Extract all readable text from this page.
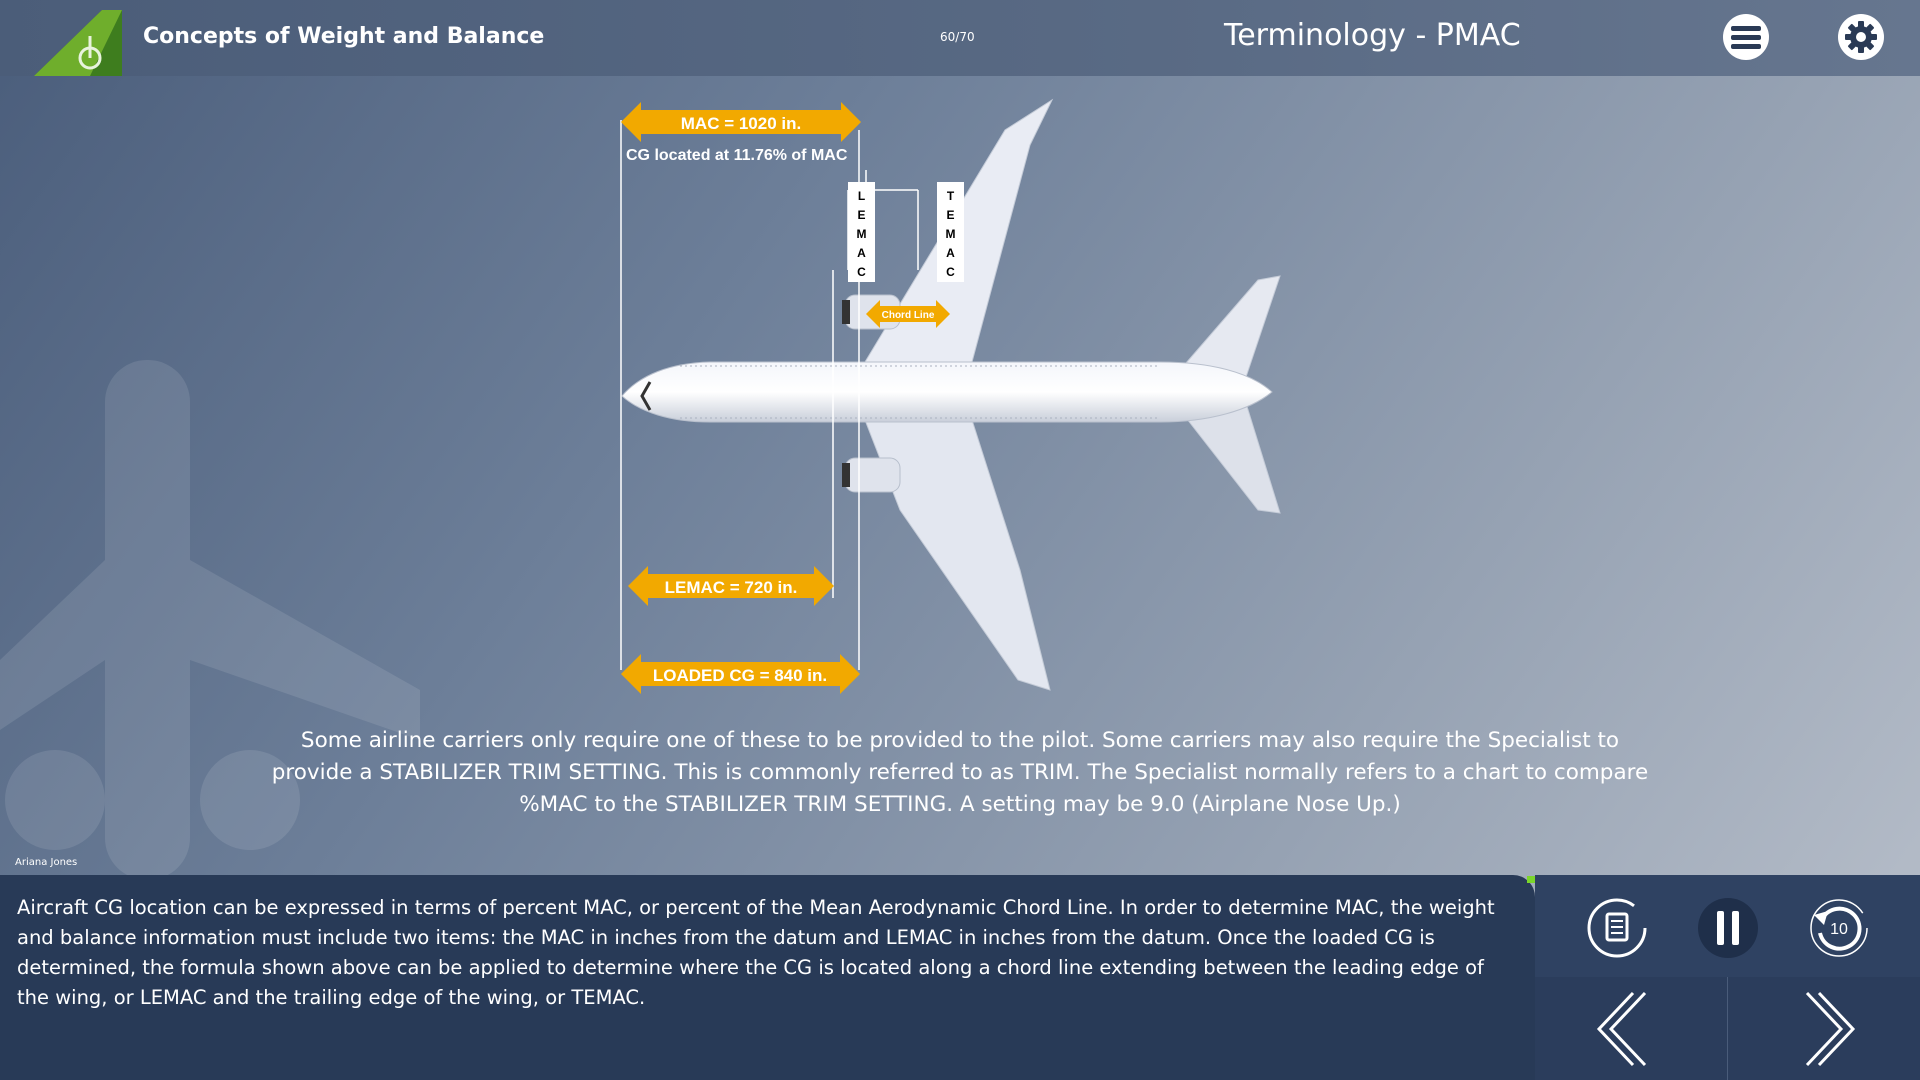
Concepts of Weight and Balance	60/70	Terminology - PMAC
MAC = 1020 in.
CG located at 11.76% of MAC
L
E
M
A
C
T
E
M
A
C
Chord Line
LEMAC = 720 in.
LOADED CG = 840 in.
Some airline carriers only require one of these to be provided to the pilot. Some carriers may also require the Specialist to provide a STABILIZER TRIM SETTING. This is commonly referred to as TRIM. The Specialist normally refers to a chart to compare %MAC to the STABILIZER TRIM SETTING. A setting may be 9.0 (Airplane Nose Up.)
Ariana Jones
Aircraft CG location can be expressed in terms of percent MAC, or percent of the Mean Aerodynamic Chord Line. In order to determine MAC, the weight and balance information must include two items: the MAC in inches from the datum and LEMAC in inches from the datum. Once the loaded CG is determined, the formula shown above can be applied to determine where the CG is located along a chord line extending between the leading edge of the wing, or LEMAC and the trailing edge of the wing, or TEMAC.
10
